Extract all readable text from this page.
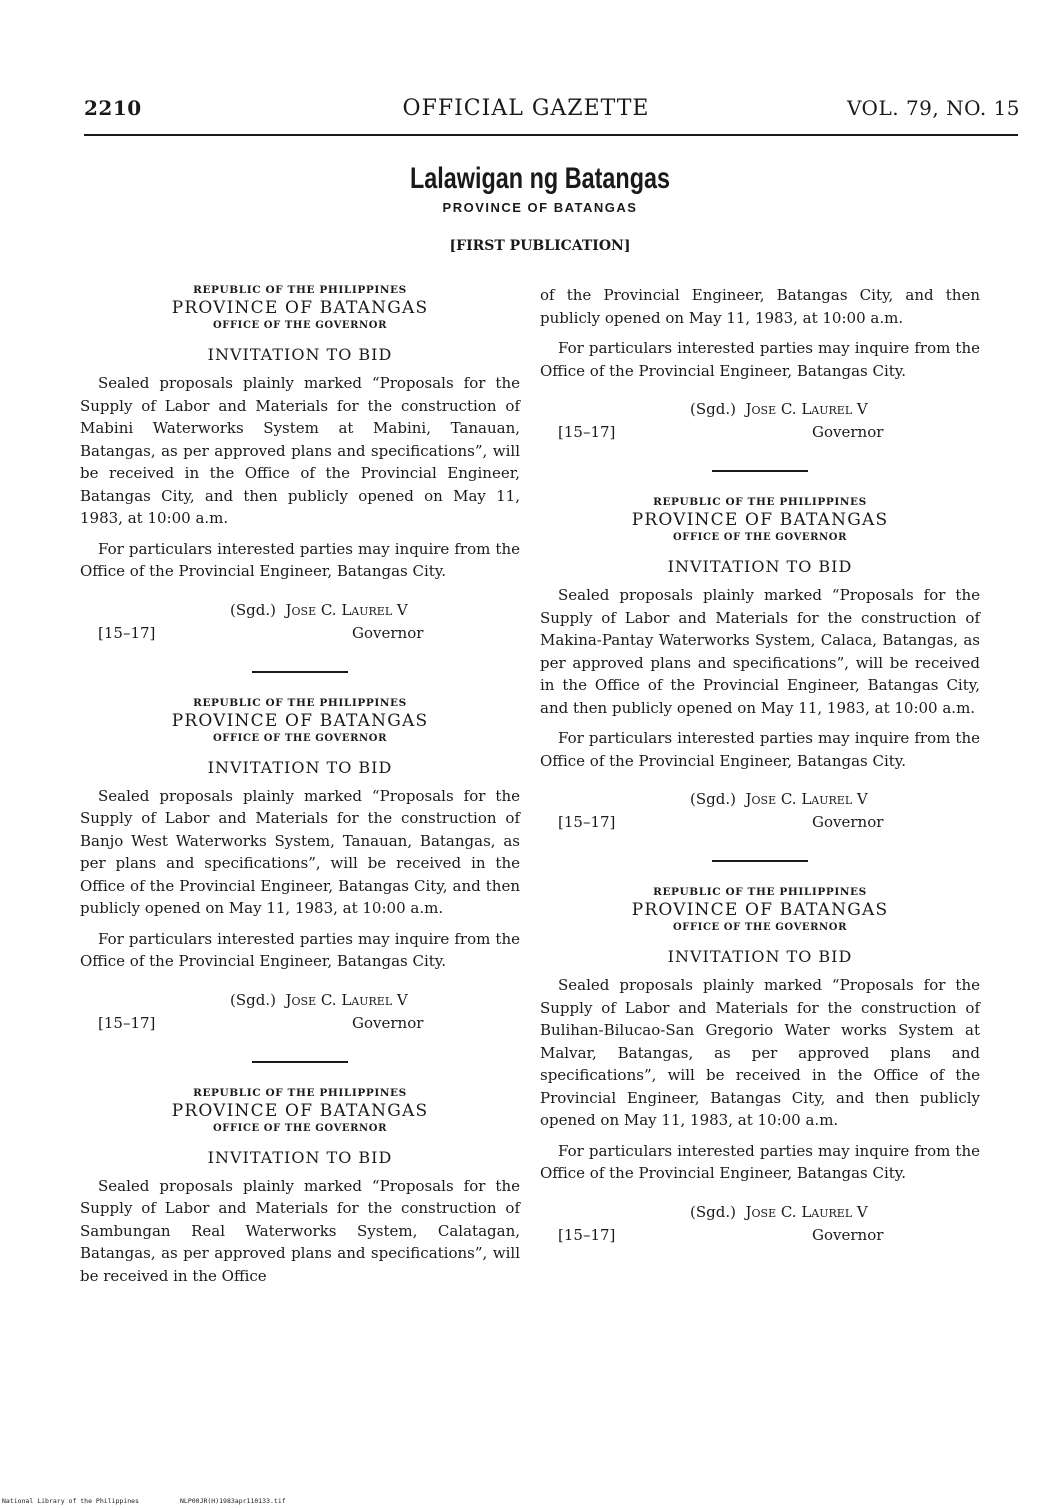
2210	OFFICIAL GAZETTE	VOL. 79, NO. 15
Lalawigan ng Batangas
PROVINCE OF BATANGAS
[FIRST PUBLICATION]
REPUBLIC OF THE PHILIPPINES
PROVINCE OF BATANGAS
OFFICE OF THE GOVERNOR
INVITATION TO BID

Sealed proposals plainly marked “Proposals for the Supply of Labor and Materials for the construction of Mabini Waterworks System at Mabini, Tanauan, Batangas, as per approved plans and specifications”, will be received in the Office of the Provincial Engineer, Batangas City, and then publicly opened on May 11, 1983, at 10:00 a.m.

For particulars interested parties may inquire from the Office of the Provincial Engineer, Batangas City.

(Sgd.) Jose C. Laurel V
[15–17]	Governor
REPUBLIC OF THE PHILIPPINES
PROVINCE OF BATANGAS
OFFICE OF THE GOVERNOR
INVITATION TO BID

Sealed proposals plainly marked “Proposals for the Supply of Labor and Materials for the construction of Banjo West Waterworks System, Tanauan, Batangas, as per plans and specifications”, will be received in the Office of the Provincial Engineer, Batangas City, and then publicly opened on May 11, 1983, at 10:00 a.m.

For particulars interested parties may inquire from the Office of the Provincial Engineer, Batangas City.

(Sgd.) Jose C. Laurel V
[15–17]	Governor
REPUBLIC OF THE PHILIPPINES
PROVINCE OF BATANGAS
OFFICE OF THE GOVERNOR
INVITATION TO BID

Sealed proposals plainly marked “Proposals for the Supply of Labor and Materials for the construction of Sambungan Real Waterworks System, Calatagan, Batangas, as per approved plans and specifications”, will be received in the Office

of the Provincial Engineer, Batangas City, and then publicly opened on May 11, 1983, at 10:00 a.m.

For particulars interested parties may inquire from the Office of the Provincial Engineer, Batangas City.

(Sgd.) Jose C. Laurel V
[15–17]	Governor
REPUBLIC OF THE PHILIPPINES
PROVINCE OF BATANGAS
OFFICE OF THE GOVERNOR
INVITATION TO BID

Sealed proposals plainly marked “Proposals for the Supply of Labor and Materials for the construction of Makina-Pantay Waterworks System, Calaca, Batangas, as per approved plans and specifications”, will be received in the Office of the Provincial Engineer, Batangas City, and then publicly opened on May 11, 1983, at 10:00 a.m.

For particulars interested parties may inquire from the Office of the Provincial Engineer, Batangas City.

(Sgd.) Jose C. Laurel V
[15–17]	Governor
REPUBLIC OF THE PHILIPPINES
PROVINCE OF BATANGAS
OFFICE OF THE GOVERNOR
INVITATION TO BID

Sealed proposals plainly marked “Proposals for the Supply of Labor and Materials for the construction of Bulihan-Bilucao-San Gregorio Water works System at Malvar, Batangas, as per approved plans and specifications”, will be received in the Office of the Provincial Engineer, Batangas City, and then publicly opened on May 11, 1983, at 10:00 a.m.

For particulars interested parties may inquire from the Office of the Provincial Engineer, Batangas City.

(Sgd.) Jose C. Laurel V
[15–17]	Governor
National Library of the Philippines	NLP00JR(H)1983apr110133.tif
